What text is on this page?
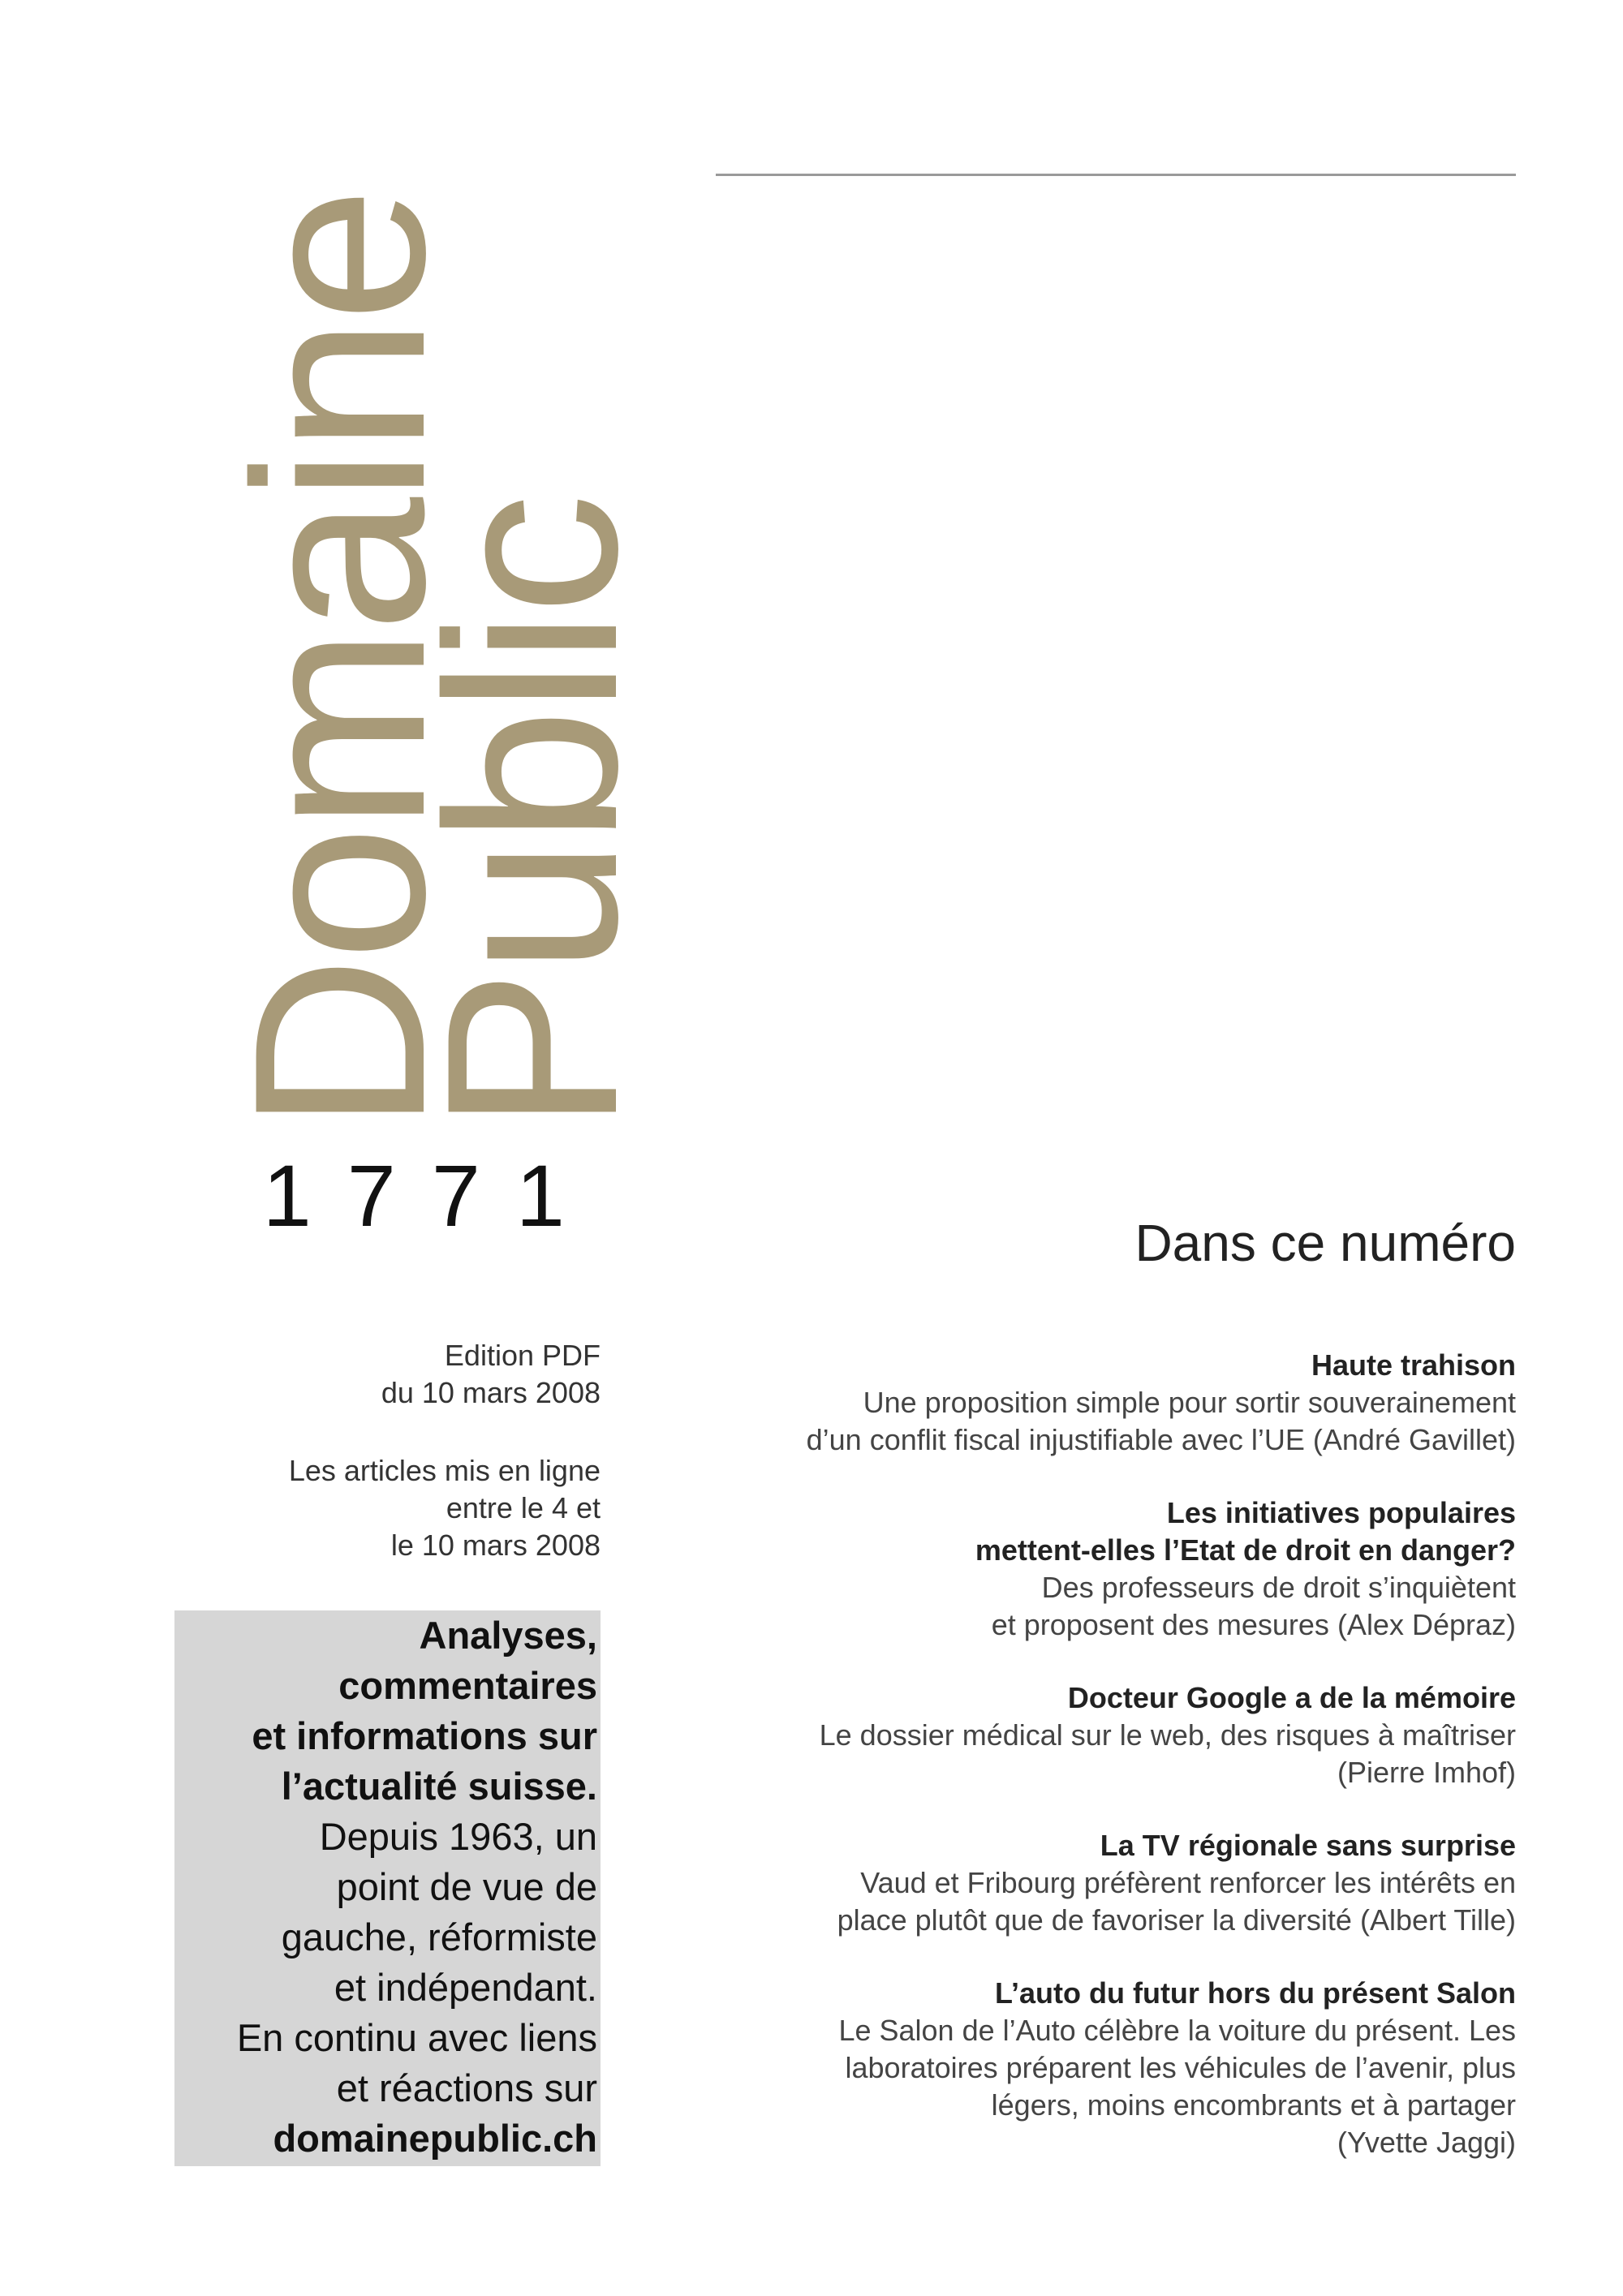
Domaine
Public
1771
Edition PDF
du 10 mars 2008
Les articles mis en ligne
entre le 4 et
le 10 mars 2008
Analyses,
commentaires
et informations sur
l’actualité suisse.
Depuis 1963, un
point de vue de
gauche, réformiste
et indépendant.
En continu avec liens
et réactions sur
domainepublic.ch
Dans ce numéro
Haute trahison
Une proposition simple pour sortir souverainement
d’un conflit fiscal injustifiable avec l’UE (André Gavillet)
Les initiatives populaires
mettent-elles l’Etat de droit en danger?
Des professeurs de droit s’inquiètent
et proposent des mesures (Alex Dépraz)
Docteur Google a de la mémoire
Le dossier médical sur le web, des risques à maîtriser
(Pierre Imhof)
La TV régionale sans surprise
Vaud et Fribourg préfèrent renforcer les intérêts en
place plutôt que de favoriser la diversité (Albert Tille)
L’auto du futur hors du présent Salon
Le Salon de l’Auto célèbre la voiture du présent. Les
laboratoires préparent les véhicules de l’avenir, plus
légers, moins encombrants et à partager
(Yvette Jaggi)
